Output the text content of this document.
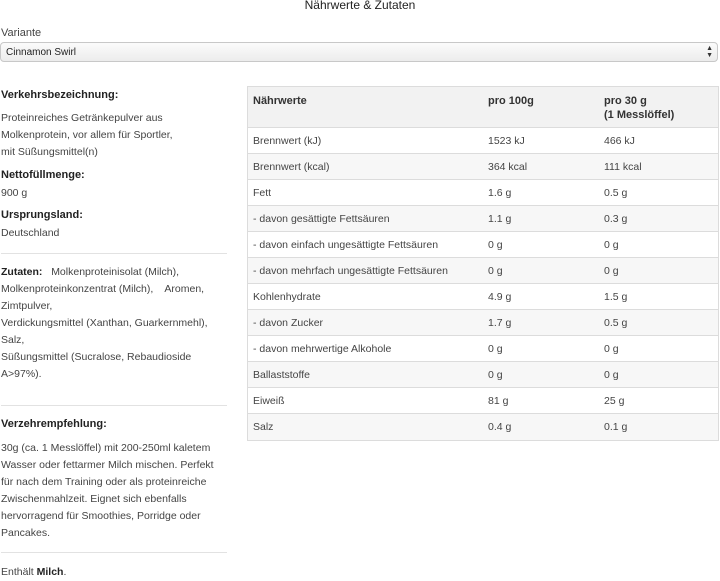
Nährwerte & Zutaten
Variante
Cinnamon Swirl	▲
▼
Verkehrsbezeichnung:
Proteinreiches Getränkepulver aus
Molkenprotein, vor allem für Sportler,
mit Süßungsmittel(n)
Nettofüllmenge:
900 g
Ursprungsland:
Deutschland
Zutaten: Molkenproteinisolat (Milch),
Molkenproteinkonzentrat (Milch),    Aromen,
Zimtpulver,
Verdickungsmittel (Xanthan, Guarkernmehl),
Salz,
Süßungsmittel (Sucralose, Rebaudioside
A>97%).
Verzehrempfehlung:
30g (ca. 1 Messlöffel) mit 200-250ml kaletem
Wasser oder fettarmer Milch mischen. Perfekt
für nach dem Training oder als proteinreiche
Zwischenmahlzeit. Eignet sich ebenfalls
hervorragend für Smoothies, Porridge oder
Pancakes.
Enthält Milch.
Nährwerte	pro 100g	pro 30 g
(1 Messlöffel)
Brennwert (kJ)	1523 kJ	466 kJ
Brennwert (kcal)	364 kcal	111 kcal
Fett	1.6 g	0.5 g
- davon gesättigte Fettsäuren	1.1 g	0.3 g
- davon einfach ungesättigte Fettsäuren	0 g	0 g
- davon mehrfach ungesättigte Fettsäuren	0 g	0 g
Kohlenhydrate	4.9 g	1.5 g
- davon Zucker	1.7 g	0.5 g
- davon mehrwertige Alkohole	0 g	0 g
Ballaststoffe	0 g	0 g
Eiweiß	81 g	25 g
Salz	0.4 g	0.1 g
